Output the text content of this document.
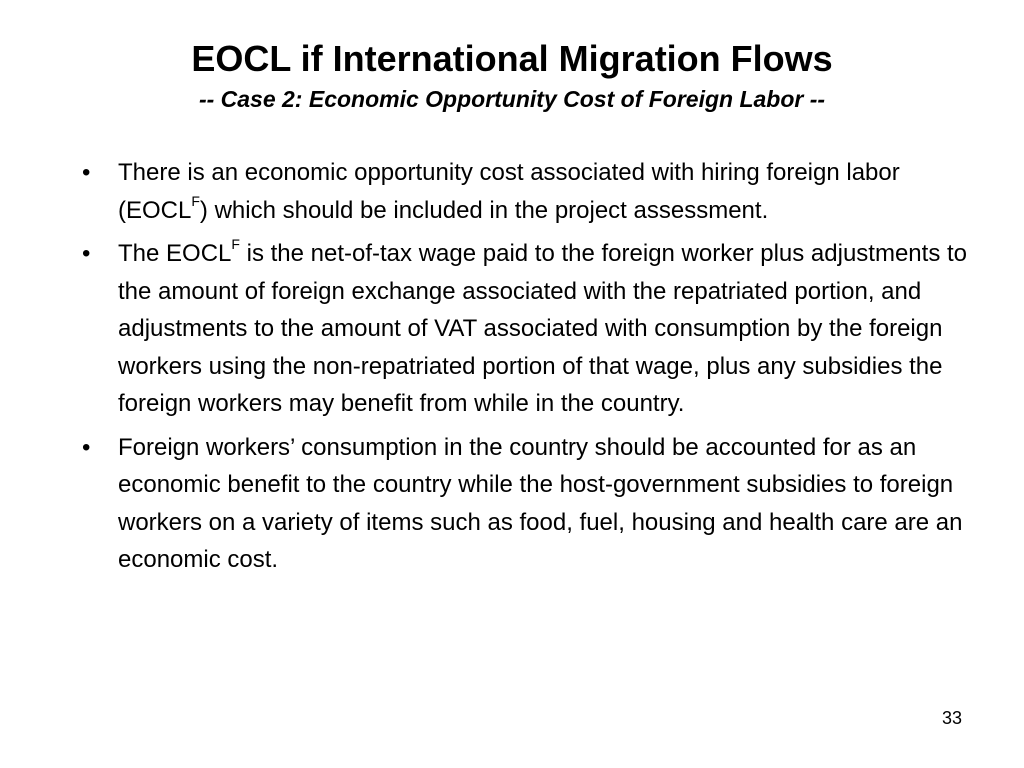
EOCL if International Migration Flows
-- Case 2: Economic Opportunity Cost of Foreign Labor --
•	There is an economic opportunity cost associated with hiring foreign labor $(EOCL^F)$ which should be included in the project assessment.
•	The $EOCL^F$ is the net-of-tax wage paid to the foreign worker plus adjustments to the amount of foreign exchange associated with the repatriated portion, and adjustments to the amount of VAT associated with consumption by the foreign workers using the non-repatriated portion of that wage, plus any subsidies the foreign workers may benefit from while in the country.
•	Foreign workers’ consumption in the country should be accounted for as an economic benefit to the country while the host-government subsidies to foreign workers on a variety of items such as food, fuel, housing and health care are an economic cost.
33
